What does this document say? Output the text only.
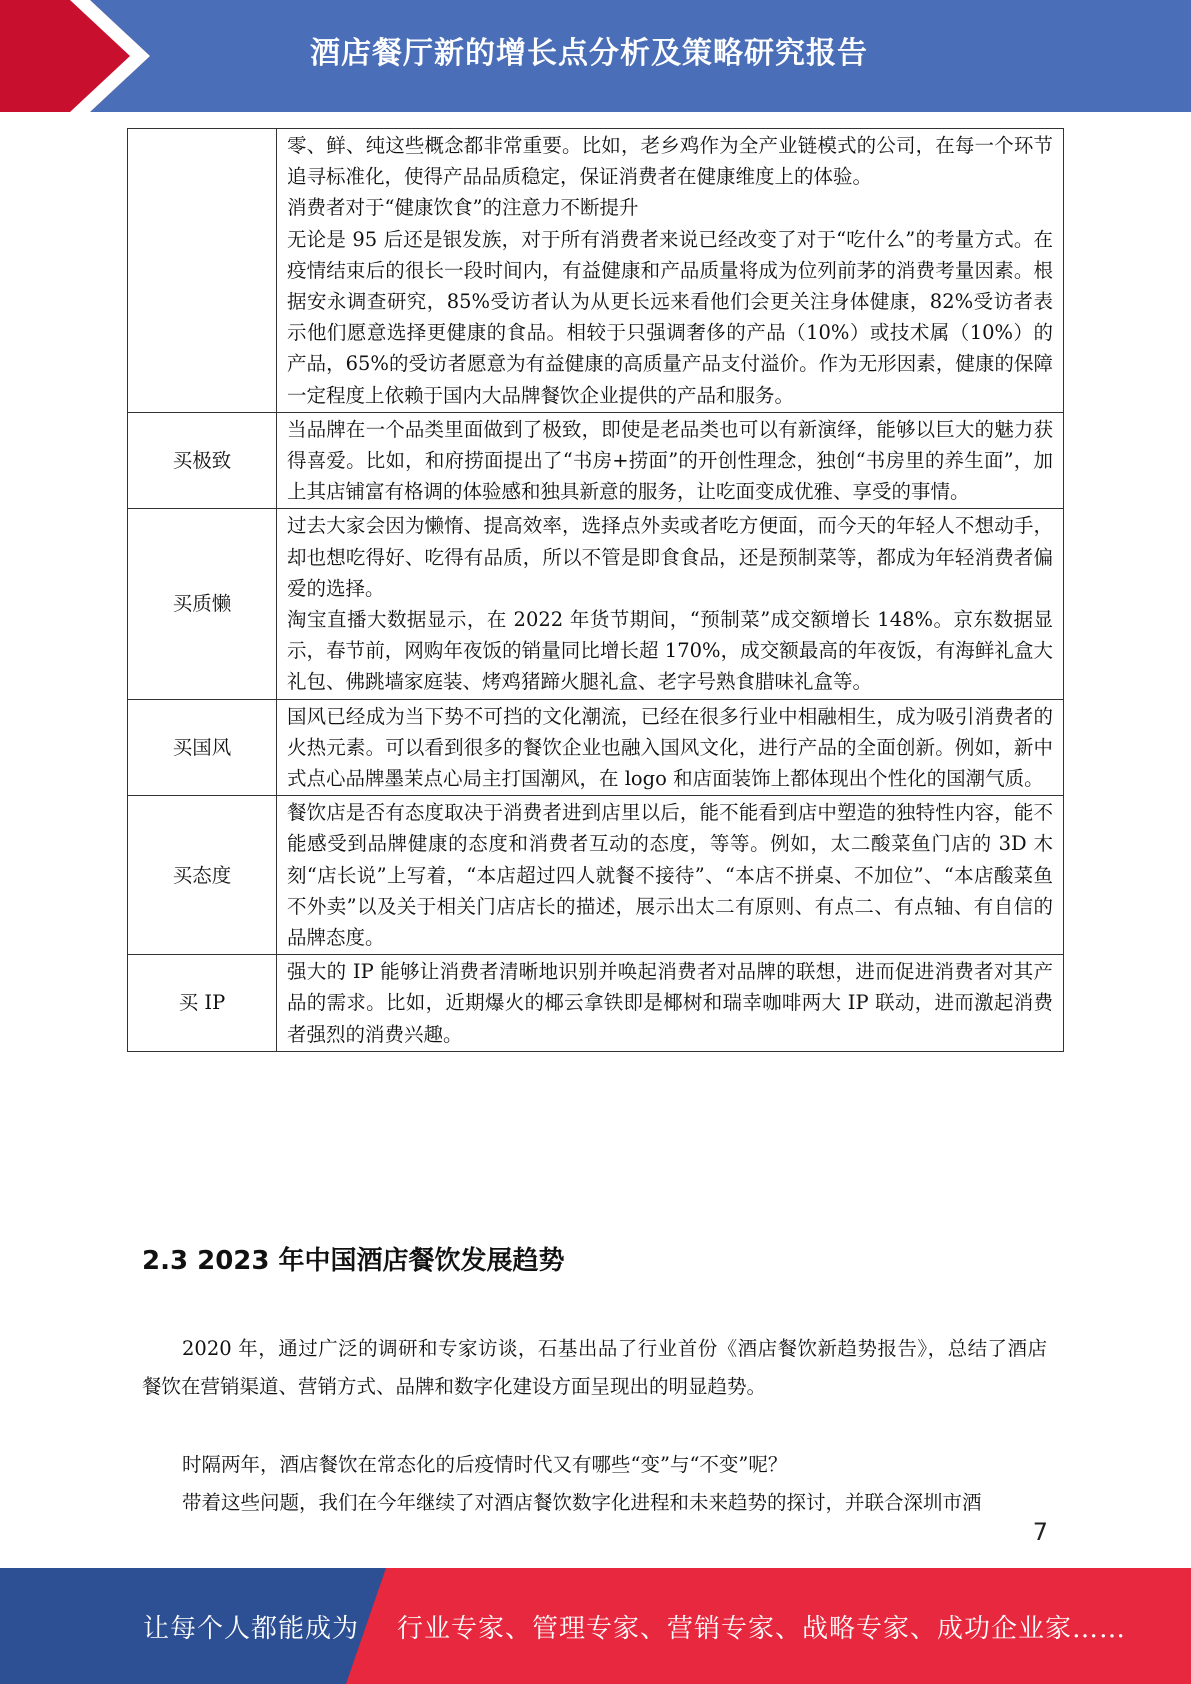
酒店餐厅新的增长点分析及策略研究报告

	零、鲜、纯这些概念都非常重要。比如，老乡鸡作为全产业链模式的公司，在每一个环节追寻标准化，使得产品品质稳定，保证消费者在健康维度上的体验。

消费者对于“健康饮食”的注意力不断提升

无论是 95 后还是银发族，对于所有消费者来说已经改变了对于“吃什么”的考量方式。在疫情结束后的很长一段时间内，有益健康和产品质量将成为位列前茅的消费考量因素。根据安永调查研究，85%受访者认为从更长远来看他们会更关注身体健康，82%受访者表示他们愿意选择更健康的食品。相较于只强调奢侈的产品（10%）或技术属（10%）的产品，65%的受访者愿意为有益健康的高质量产品支付溢价。作为无形因素，健康的保障一定程度上依赖于国内大品牌餐饮企业提供的产品和服务。

买极致	当品牌在一个品类里面做到了极致，即使是老品类也可以有新演绎，能够以巨大的魅力获得喜爱。比如，和府捞面提出了“书房+捞面”的开创性理念，独创“书房里的养生面”，加上其店铺富有格调的体验感和独具新意的服务，让吃面变成优雅、享受的事情。

买质懒	过去大家会因为懒惰、提高效率，选择点外卖或者吃方便面，而今天的年轻人不想动手，却也想吃得好、吃得有品质，所以不管是即食食品，还是预制菜等，都成为年轻消费者偏爱的选择。

淘宝直播大数据显示，在 2022 年货节期间，“预制菜”成交额增长 148%。京东数据显示，春节前，网购年夜饭的销量同比增长超 170%，成交额最高的年夜饭，有海鲜礼盒大礼包、佛跳墙家庭装、烤鸡猪蹄火腿礼盒、老字号熟食腊味礼盒等。

买国风	国风已经成为当下势不可挡的文化潮流，已经在很多行业中相融相生，成为吸引消费者的火热元素。可以看到很多的餐饮企业也融入国风文化，进行产品的全面创新。例如，新中式点心品牌墨茉点心局主打国潮风，在 logo 和店面装饰上都体现出个性化的国潮气质。

买态度	餐饮店是否有态度取决于消费者进到店里以后，能不能看到店中塑造的独特性内容，能不能感受到品牌健康的态度和消费者互动的态度，等等。例如，太二酸菜鱼门店的 3D 木刻“店长说”上写着，“本店超过四人就餐不接待”、“本店不拼桌、不加位”、“本店酸菜鱼不外卖”以及关于相关门店店长的描述，展示出太二有原则、有点二、有点轴、有自信的品牌态度。

买 IP	强大的 IP 能够让消费者清晰地识别并唤起消费者对品牌的联想，进而促进消费者对其产品的需求。比如，近期爆火的椰云拿铁即是椰树和瑞幸咖啡两大 IP 联动，进而激起消费者强烈的消费兴趣。

2.3 2023 年中国酒店餐饮发展趋势

2020 年，通过广泛的调研和专家访谈，石基出品了行业首份《酒店餐饮新趋势报告》，总结了酒店餐饮在营销渠道、营销方式、品牌和数字化建设方面呈现出的明显趋势。

时隔两年，酒店餐饮在常态化的后疫情时代又有哪些“变”与“不变”呢？

带着这些问题，我们在今年继续了对酒店餐饮数字化进程和未来趋势的探讨，并联合深圳市酒

7
让每个人都能成为 行业专家、管理专家、营销专家、战略专家、成功企业家……
